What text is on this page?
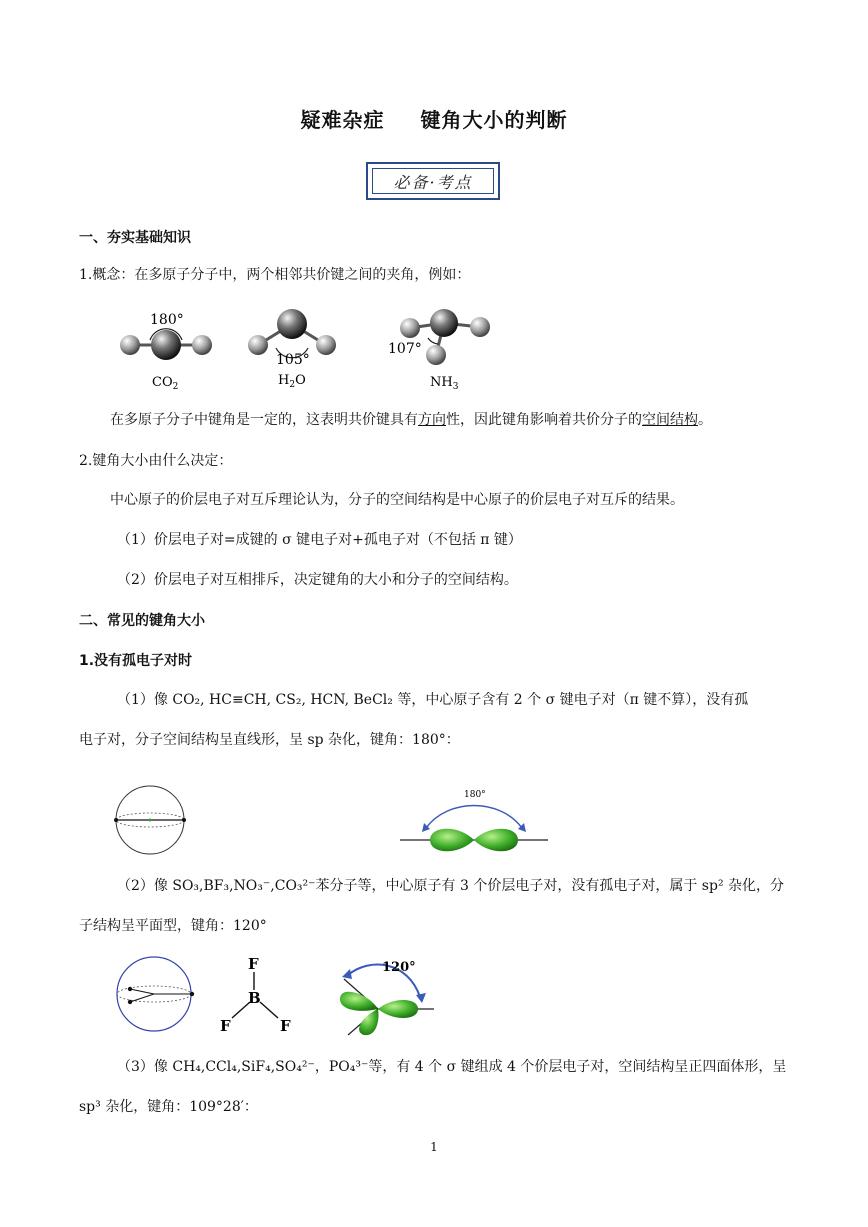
疑难杂症 键角大小的判断
必备·考点
一、夯实基础知识
1.概念：在多原子分子中，两个相邻共价键之间的夹角，例如：
180°
$CO_2$
105°
$H_2O$
107°
$NH_3$
在多原子分子中键角是一定的，这表明共价键具有方向性，因此键角影响着共价分子的空间结构。
2.键角大小由什么决定：
中心原子的价层电子对互斥理论认为，分子的空间结构是中心原子的价层电子对互斥的结果。
（1）价层电子对=成键的 σ 键电子对+孤电子对（不包括 π 键）
（2）价层电子对互相排斥，决定键角的大小和分子的空间结构。
二、常见的键角大小
1.没有孤电子对时
（1）像 CO₂, HC≡CH, CS₂, HCN, BeCl₂ 等，中心原子含有 2 个 σ 键电子对（π 键不算），没有孤
电子对，分子空间结构呈直线形，呈 sp 杂化，键角：180°：
180°
（2）像 SO₃,BF₃,NO₃⁻,CO₃²⁻苯分子等，中心原子有 3 个价层电子对，没有孤电子对，属于 sp² 杂化，分
子结构呈平面型，键角：120°
F
B
F	F
120°
（3）像 CH₄,CCl₄,SiF₄,SO₄²⁻，PO₄³⁻等，有 4 个 σ 键组成 4 个价层电子对，空间结构呈正四面体形，呈
sp³ 杂化，键角：109°28′：
1
